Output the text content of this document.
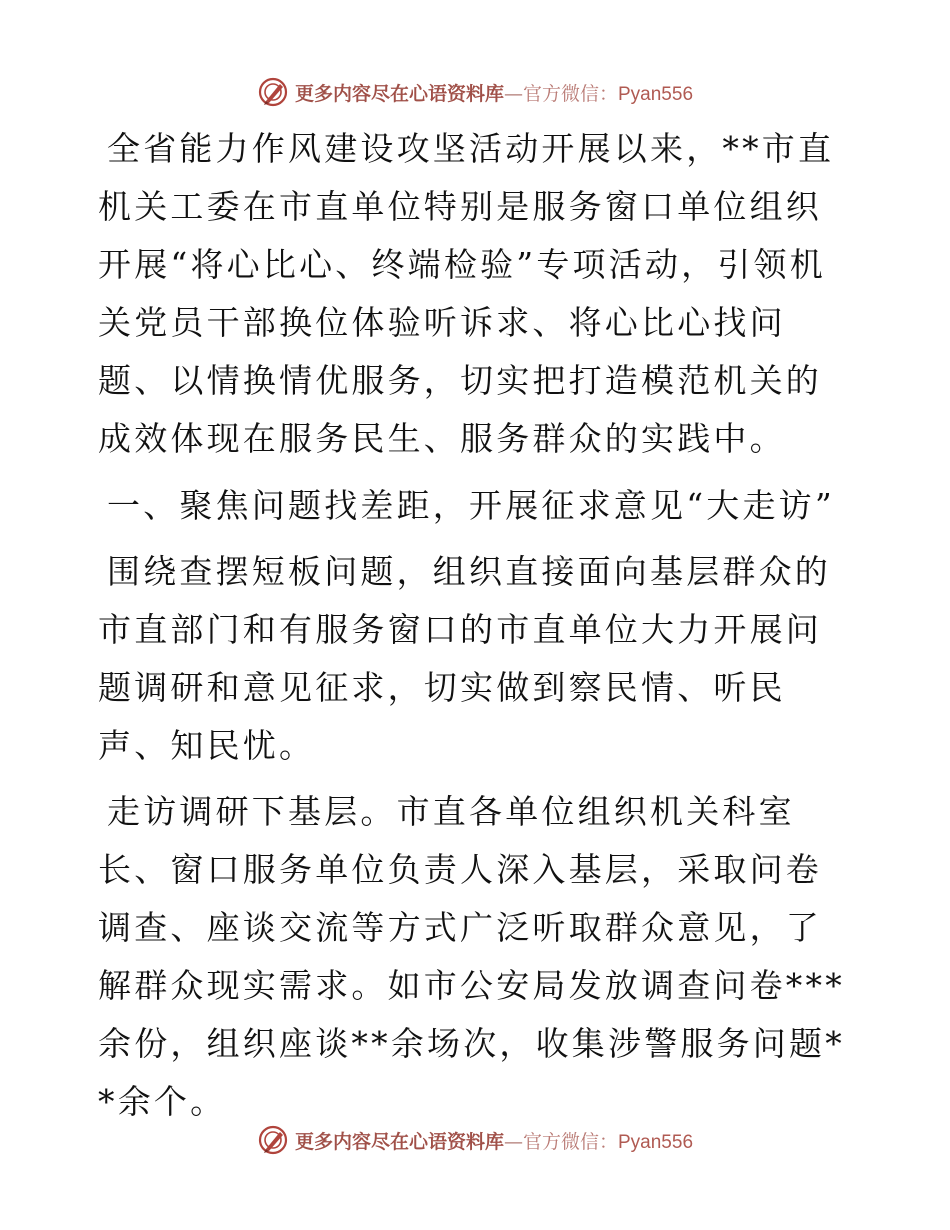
更多内容尽在心语资料库—官方微信：Pyan556

全省能力作风建设攻坚活动开展以来，**市直机关工委在市直单位特别是服务窗口单位组织开展“将心比心、终端检验”专项活动，引领机关党员干部换位体验听诉求、将心比心找问题、以情换情优服务，切实把打造模范机关的成效体现在服务民生、服务群众的实践中。

一、聚焦问题找差距，开展征求意见“大走访”

围绕查摆短板问题，组织直接面向基层群众的市直部门和有服务窗口的市直单位大力开展问题调研和意见征求，切实做到察民情、听民声、知民忧。

走访调研下基层。市直各单位组织机关科室长、窗口服务单位负责人深入基层，采取问卷调查、座谈交流等方式广泛听取群众意见，了解群众现实需求。如市公安局发放调查问卷***余份，组织座谈**余场次，收集涉警服务问题**余个。

更多内容尽在心语资料库—官方微信：Pyan556
